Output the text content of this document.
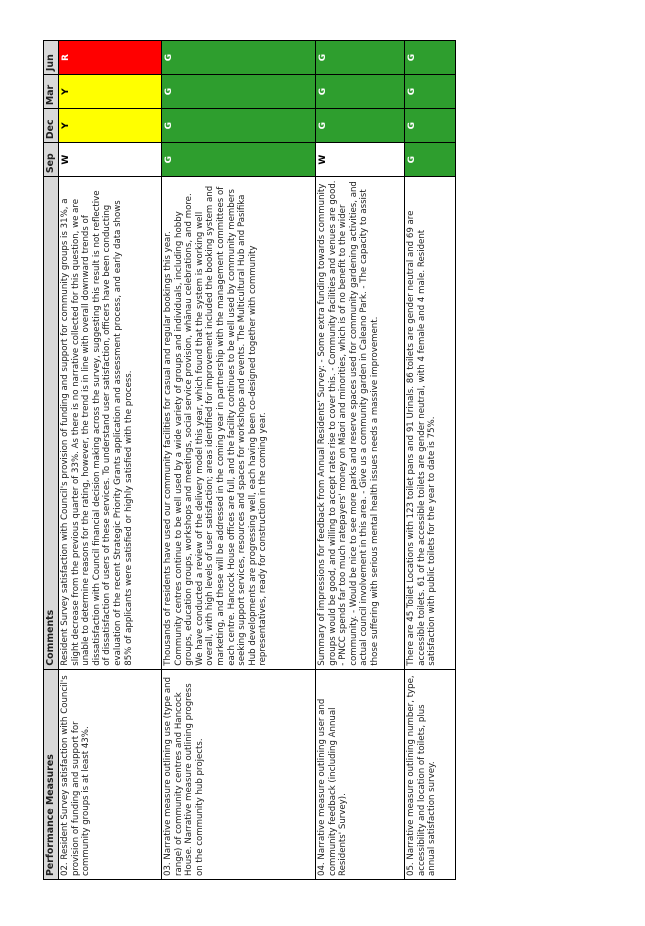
Performance Measures	Comments	Sep	Dec	Mar	Jun
02. Resident Survey satisfaction with Council's provision of funding and support for community groups is at least 43%.	Resident Survey satisfaction with Council's provision of funding and support for community groups is 31%, a slight decrease from the previous quarter of 33%. As there is no narrative collected for this question, we are unable to determine reasons for the rating, however, the trend is in line with overall downward trends of dissatisfaction with Council financial decision making across the survey, suggesting this result is not reflective of dissatisfaction of users of these services. To understand user satisfaction, officers have been conducting evaluation of the recent Strategic Priority Grants application and assessment process, and early data shows 85% of applicants were satisfied or highly satisfied with the process.	W	Y	Y	R
03. Narrative measure outlining use (type and range) of community centres and Hancock House. Narrative measure outlining progress on the community hub projects.	Thousands of residents have used our community facilities for casual and regular bookings this year. Community centres continue to be well used by a wide variety of groups and individuals, including hobby groups, education groups, workshops and meetings, social service provision, whānau celebrations, and more. We have conducted a review of the delivery model this year, which found that the system is working well overall, with high levels of user satisfaction; areas identified for improvement included the booking system and marketing, and these will be addressed in the coming year in partnership with the management committees of each centre. Hancock House offices are full, and the facility continues to be well used by community members seeking support services, resources and spaces for workshops and events. The Multicultural Hub and Pasifika Hub developments are progressing well, each having been co-designed together with community representatives, ready for construction in the coming year.	G	G	G	G
04. Narrative measure outlining user and community feedback (including Annual Residents' Survey).	Summary of impressions for feedback from Annual Residents' Survey: - Some extra funding towards community groups would be good, and willing to accept rates rise to cover this. - Community facilities and venues are good. - PNCC spends far too much ratepayers' money on Māori and minorities, which is of no benefit to the wider community. - Would be nice to see more parks and reserve spaces used for community gardening activities, and actual council involvement in this area. - Give us a community garden in Caleano Park. - The capacity to assist those suffering with serious mental health issues needs a massive improvement.	W	G	G	G
05. Narrative measure outlining number, type, accessibility and location of toilets, plus annual satisfaction survey.	There are 45 Toilet Locations with 123 toilet pans and 91 Urinals. 86 toilets are gender neutral and 69 are accessible toilets. 61 of the accessible toilets are gender neutral, with 4 female and 4 male. Resident satisfaction with public toilets for the year to date is 75%.	G	G	G	G
